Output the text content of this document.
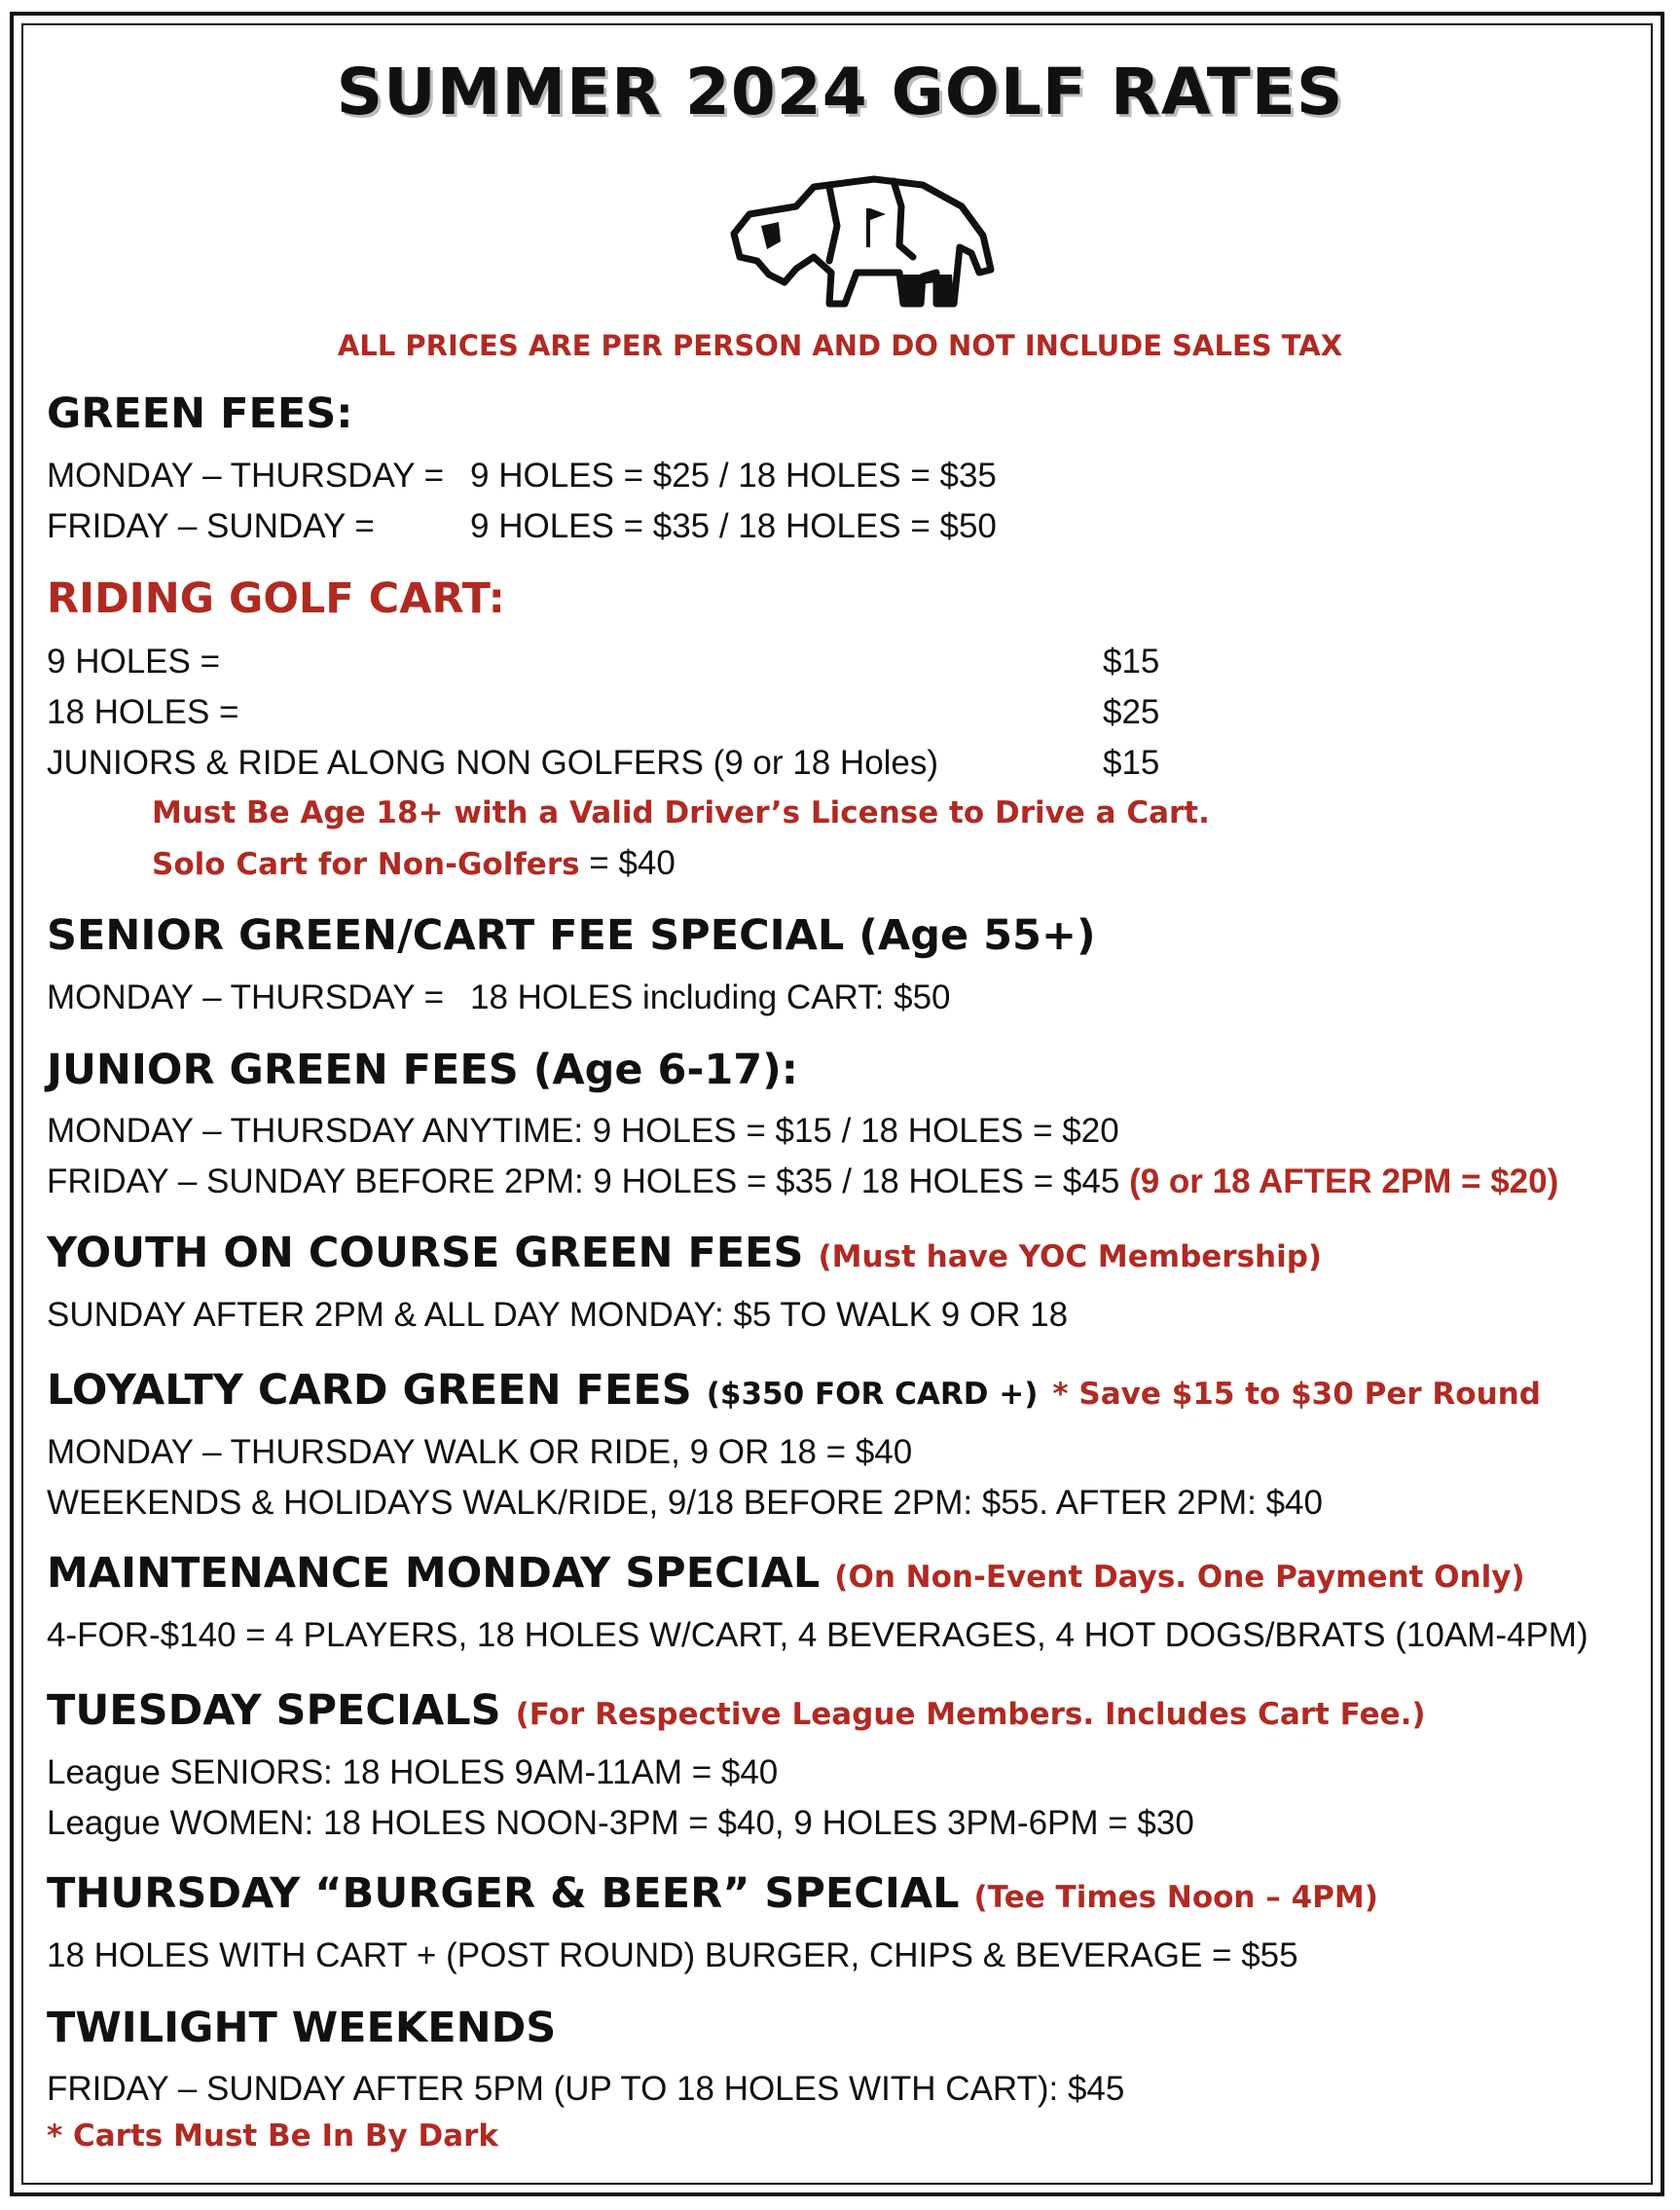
SUMMER 2024 GOLF RATES
ALL PRICES ARE PER PERSON AND DO NOT INCLUDE SALES TAX
GREEN FEES:
MONDAY – THURSDAY = 9 HOLES = $25 / 18 HOLES = $35
FRIDAY – SUNDAY =	9 HOLES = $35 / 18 HOLES = $50
RIDING GOLF CART:
9 HOLES =	$15
18 HOLES =	$25
JUNIORS & RIDE ALONG NON GOLFERS (9 or 18 Holes)	$15
Must Be Age 18+ with a Valid Driver’s License to Drive a Cart.
Solo Cart for Non-Golfers = $40
SENIOR GREEN/CART FEE SPECIAL (Age 55+)
MONDAY – THURSDAY = 18 HOLES including CART: $50
JUNIOR GREEN FEES (Age 6-17):
MONDAY – THURSDAY ANYTIME: 9 HOLES = $15 / 18 HOLES = $20
FRIDAY – SUNDAY BEFORE 2PM: 9 HOLES = $35 / 18 HOLES = $45 (9 or 18 AFTER 2PM = $20)
YOUTH ON COURSE GREEN FEES (Must have YOC Membership)
SUNDAY AFTER 2PM & ALL DAY MONDAY: $5 TO WALK 9 OR 18
LOYALTY CARD GREEN FEES ($350 FOR CARD +) * Save $15 to $30 Per Round
MONDAY – THURSDAY WALK OR RIDE, 9 OR 18 = $40
WEEKENDS & HOLIDAYS WALK/RIDE, 9/18 BEFORE 2PM: $55. AFTER 2PM: $40
MAINTENANCE MONDAY SPECIAL (On Non-Event Days. One Payment Only)
4-FOR-$140 = 4 PLAYERS, 18 HOLES W/CART, 4 BEVERAGES, 4 HOT DOGS/BRATS (10AM-4PM)
TUESDAY SPECIALS (For Respective League Members. Includes Cart Fee.)
League SENIORS: 18 HOLES 9AM-11AM = $40
League WOMEN: 18 HOLES NOON-3PM = $40, 9 HOLES 3PM-6PM = $30
THURSDAY “BURGER & BEER” SPECIAL (Tee Times Noon – 4PM)
18 HOLES WITH CART + (POST ROUND) BURGER, CHIPS & BEVERAGE = $55
TWILIGHT WEEKENDS
FRIDAY – SUNDAY AFTER 5PM (UP TO 18 HOLES WITH CART): $45
* Carts Must Be In By Dark
